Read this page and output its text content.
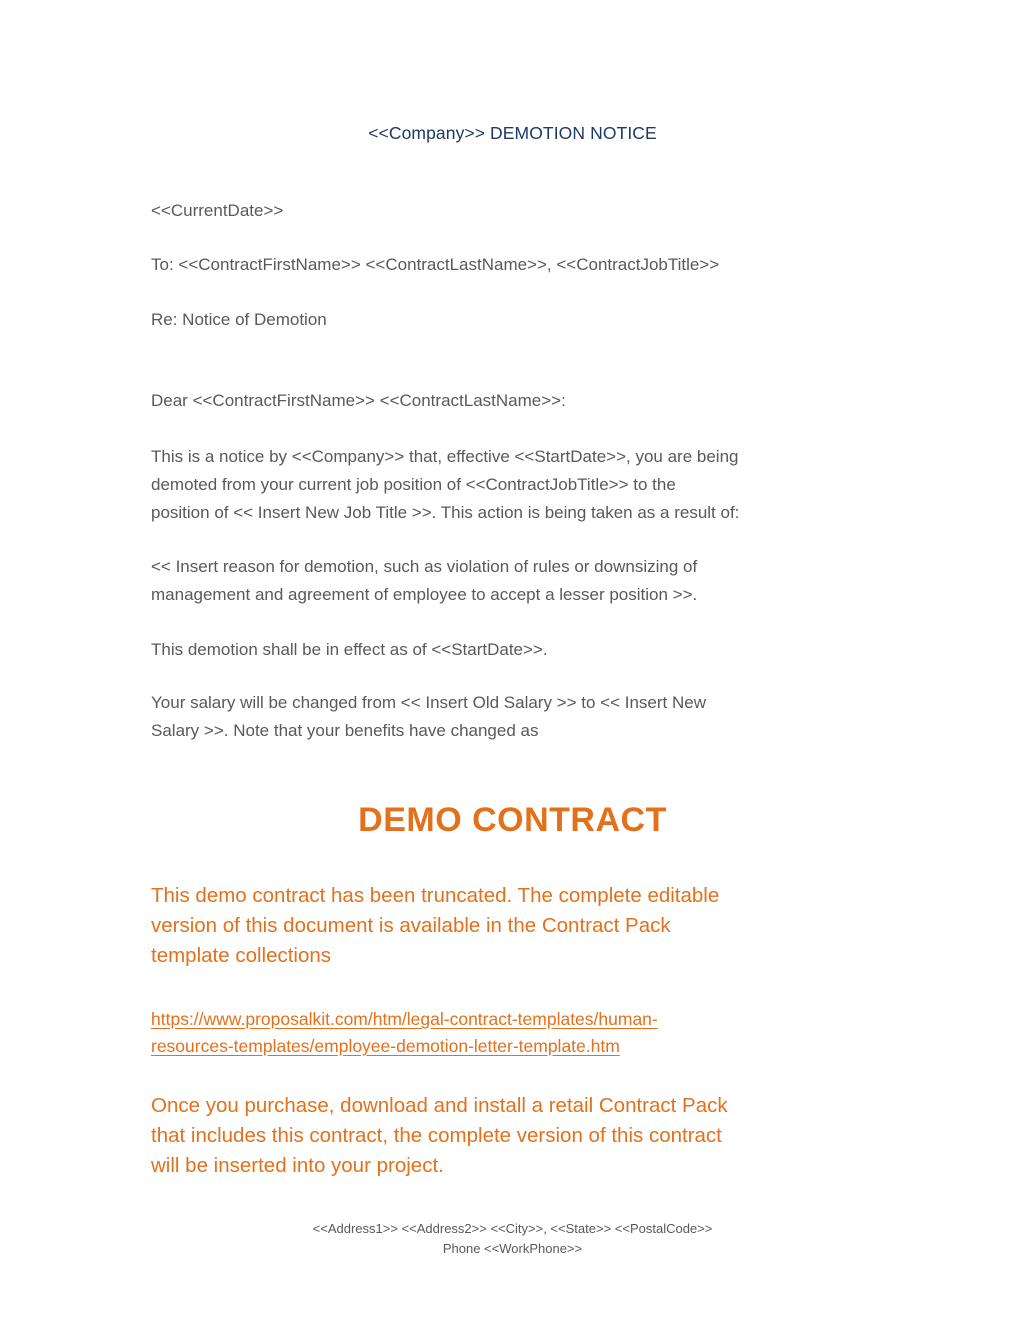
<<Company>> DEMOTION NOTICE
<<CurrentDate>>
To: <<ContractFirstName>> <<ContractLastName>>, <<ContractJobTitle>>
Re: Notice of Demotion
Dear <<ContractFirstName>> <<ContractLastName>>:
This is a notice by <<Company>> that, effective <<StartDate>>, you are being
demoted from your current job position of <<ContractJobTitle>> to the
position of << Insert New Job Title >>. This action is being taken as a result of:
<< Insert reason for demotion, such as violation of rules or downsizing of
management and agreement of employee to accept a lesser position >>.
This demotion shall be in effect as of <<StartDate>>.
Your salary will be changed from << Insert Old Salary >> to << Insert New
Salary >>. Note that your benefits have changed as
DEMO CONTRACT
This demo contract has been truncated. The complete editable
version of this document is available in the Contract Pack
template collections
https://www.proposalkit.com/htm/legal-contract-templates/human-
resources-templates/employee-demotion-letter-template.htm
Once you purchase, download and install a retail Contract Pack
that includes this contract, the complete version of this contract
will be inserted into your project.
<<Address1>> <<Address2>> <<City>>, <<State>> <<PostalCode>>
Phone <<WorkPhone>>
